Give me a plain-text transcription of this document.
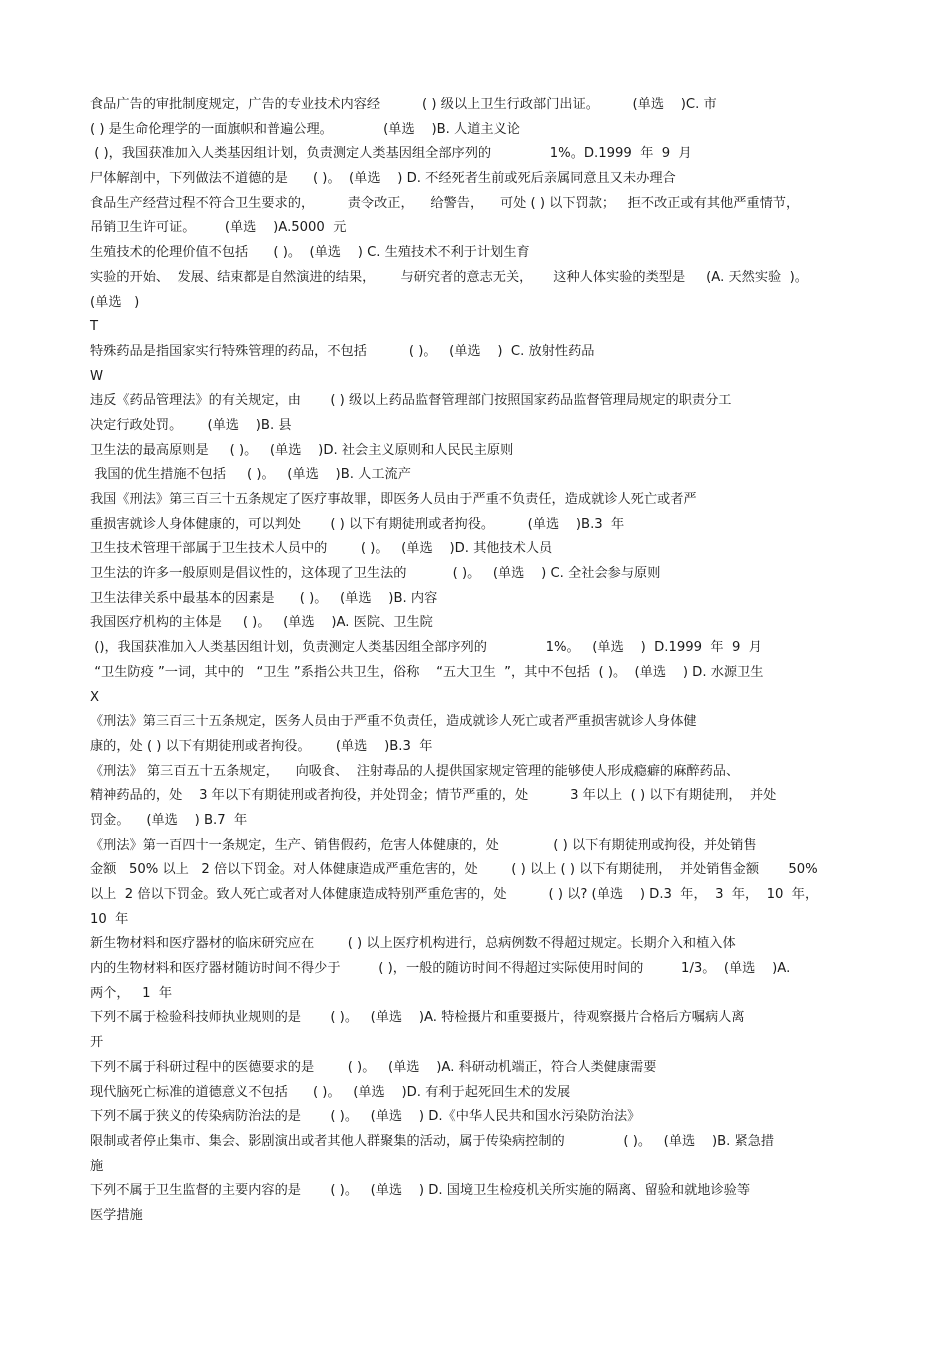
食品广告的审批制度规定，广告的专业技术内容经          ( ) 级以上卫生行政部门出证。        (单选    )C. 市
( ) 是生命伦理学的一面旗帜和普遍公理。            (单选    )B. 人道主义论
( )，我国获准加入人类基因组计划，负责测定人类基因组全部序列的              1%。D.1999  年  9  月
尸体解剖中，下列做法不道德的是      ( )。  (单选    ) D. 不经死者生前或死后亲属同意且又未办理合
食品生产经营过程不符合卫生要求的，        责令改正，    给警告，    可处 ( ) 以下罚款；   拒不改正或有其他严重情节，
吊销卫生许可证。       (单选    )A.5000  元
生殖技术的伦理价值不包括      ( )。  (单选    ) C. 生殖技术不利于计划生育
实验的开始、  发展、结束都是自然演进的结果，      与研究者的意志无关，     这种人体实验的类型是     (A. 天然实验  )。
(单选   )
T
特殊药品是指国家实行特殊管理的药品，不包括          ( )。   (单选    )  C. 放射性药品
W
违反《药品管理法》的有关规定，由       ( ) 级以上药品监督管理部门按照国家药品监督管理局规定的职责分工
决定行政处罚。      (单选    )B. 县
卫生法的最高原则是     ( )。   (单选    )D. 社会主义原则和人民民主原则
我国的优生措施不包括     ( )。   (单选    )B. 人工流产
我国《刑法》第三百三十五条规定了医疗事故罪，即医务人员由于严重不负责任，造成就诊人死亡或者严
重损害就诊人身体健康的，可以判处       ( ) 以下有期徒刑或者拘役。        (单选    )B.3  年
卫生技术管理干部属于卫生技术人员中的        ( )。   (单选    )D. 其他技术人员
卫生法的许多一般原则是倡议性的，这体现了卫生法的           ( )。   (单选    ) C. 全社会参与原则
卫生法律关系中最基本的因素是      ( )。   (单选    )B. 内容
我国医疗机构的主体是     ( )。   (单选    )A. 医院、卫生院
()，我国获准加入人类基因组计划，负责测定人类基因组全部序列的              1%。   (单选    )  D.1999  年  9  月
“卫生防疫 ”一词，其中的   “卫生 ”系指公共卫生，俗称    “五大卫生  ”，其中不包括  ( )。  (单选    ) D. 水源卫生
X
《刑法》第三百三十五条规定，医务人员由于严重不负责任，造成就诊人死亡或者严重损害就诊人身体健
康的，处 ( ) 以下有期徒刑或者拘役。      (单选    )B.3  年
《刑法》 第三百五十五条规定，    向吸食、  注射毒品的人提供国家规定管理的能够使人形成瘾癖的麻醉药品、
精神药品的，处    3 年以下有期徒刑或者拘役，并处罚金；情节严重的，处          3 年以上  ( ) 以下有期徒刑，  并处
罚金。    (单选    ) B.7  年
《刑法》第一百四十一条规定，生产、销售假药，危害人体健康的，处             ( ) 以下有期徒刑或拘役，并处销售
金额   50% 以上   2 倍以下罚金。对人体健康造成严重危害的，处        ( ) 以上 ( ) 以下有期徒刑，  并处销售金额       50%
以上  2 倍以下罚金。致人死亡或者对人体健康造成特别严重危害的，处          ( ) 以? (单选    ) D.3  年，  3  年，  10  年，
10  年
新生物材料和医疗器材的临床研究应在        ( ) 以上医疗机构进行，总病例数不得超过规定。长期介入和植入体
内的生物材料和医疗器材随访时间不得少于         ( )，一般的随访时间不得超过实际使用时间的         1/3。  (单选    )A.
两个，   1  年
下列不属于检验科技师执业规则的是       ( )。   (单选    )A. 特检摄片和重要摄片，待观察摄片合格后方嘱病人离
开
下列不属于科研过程中的医德要求的是        ( )。   (单选    )A. 科研动机端正，符合人类健康需要
现代脑死亡标准的道德意义不包括      ( )。   (单选    )D. 有利于起死回生术的发展
下列不属于狭义的传染病防治法的是       ( )。   (单选    ) D.《中华人民共和国水污染防治法》
限制或者停止集市、集会、影剧演出或者其他人群聚集的活动，属于传染病控制的              ( )。   (单选    )B. 紧急措
施
下列不属于卫生监督的主要内容的是       ( )。   (单选    ) D. 国境卫生检疫机关所实施的隔离、留验和就地诊验等
医学措施
